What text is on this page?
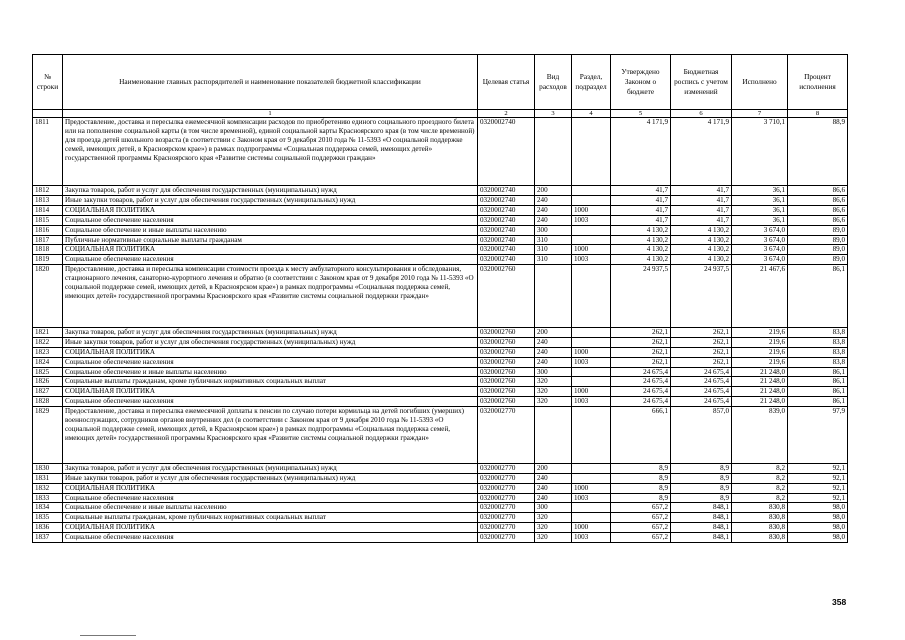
№ строки	Наименование главных распорядителей и наименование показателей бюджетной классификации	Целевая статья	Вид расходов	Раздел, подраздел	Утверждено Законом о бюджете	Бюджетная роспись с учетом изменений	Исполнено	Процент исполнения
	1	2	3	4	5	6	7	8
1811	Предоставление, доставка и пересылка ежемесячной компенсации расходов по приобретению единого социального проездного билета или на пополнение социальной карты (в том числе временной), единой социальной карты Красноярского края (в том числе временной) для проезда детей школьного возраста (в соответствии с Законом края от 9 декабря 2010 года № 11-5393 «О социальной поддержке семей, имеющих детей, в Красноярском крае») в рамках подпрограммы «Социальная поддержка семей, имеющих детей» государственной программы Красноярского края «Развитие системы социальной поддержки граждан»	0320002740			4 171,9	4 171,9	3 710,1	88,9
1812	Закупка товаров, работ и услуг для обеспечения государственных (муниципальных) нужд	0320002740	200		41,7	41,7	36,1	86,6
1813	Иные закупки товаров, работ и услуг для обеспечения государственных (муниципальных) нужд	0320002740	240		41,7	41,7	36,1	86,6
1814	СОЦИАЛЬНАЯ ПОЛИТИКА	0320002740	240	1000	41,7	41,7	36,1	86,6
1815	Социальное обеспечение населения	0320002740	240	1003	41,7	41,7	36,1	86,6
1816	Социальное обеспечение и иные выплаты населению	0320002740	300		4 130,2	4 130,2	3 674,0	89,0
1817	Публичные нормативные социальные выплаты гражданам	0320002740	310		4 130,2	4 130,2	3 674,0	89,0
1818	СОЦИАЛЬНАЯ ПОЛИТИКА	0320002740	310	1000	4 130,2	4 130,2	3 674,0	89,0
1819	Социальное обеспечение населения	0320002740	310	1003	4 130,2	4 130,2	3 674,0	89,0
1820	Предоставление, доставка и пересылка компенсации стоимости проезда к месту амбулаторного консультирования и обследования, стационарного лечения, санаторно-курортного лечения и обратно (в соответствии с Законом края от 9 декабря 2010 года № 11-5393 «О социальной поддержке семей, имеющих детей, в Красноярском крае») в рамках подпрограммы «Социальная поддержка семей, имеющих детей» государственной программы Красноярского края «Развитие системы социальной поддержки граждан»	0320002760			24 937,5	24 937,5	21 467,6	86,1
1821	Закупка товаров, работ и услуг для обеспечения государственных (муниципальных) нужд	0320002760	200		262,1	262,1	219,6	83,8
1822	Иные закупки товаров, работ и услуг для обеспечения государственных (муниципальных) нужд	0320002760	240		262,1	262,1	219,6	83,8
1823	СОЦИАЛЬНАЯ ПОЛИТИКА	0320002760	240	1000	262,1	262,1	219,6	83,8
1824	Социальное обеспечение населения	0320002760	240	1003	262,1	262,1	219,6	83,8
1825	Социальное обеспечение и иные выплаты населению	0320002760	300		24 675,4	24 675,4	21 248,0	86,1
1826	Социальные выплаты гражданам, кроме публичных нормативных социальных выплат	0320002760	320		24 675,4	24 675,4	21 248,0	86,1
1827	СОЦИАЛЬНАЯ ПОЛИТИКА	0320002760	320	1000	24 675,4	24 675,4	21 248,0	86,1
1828	Социальное обеспечение населения	0320002760	320	1003	24 675,4	24 675,4	21 248,0	86,1
1829	Предоставление, доставка и пересылка ежемесячной доплаты к пенсии по случаю потери кормильца на детей погибших (умерших) военнослужащих, сотрудников органов внутренних дел (в соответствии с Законом края от 9 декабря 2010 года № 11-5393 «О социальной поддержке семей, имеющих детей, в Красноярском крае») в рамках подпрограммы «Социальная поддержка семей, имеющих детей» государственной программы Красноярского края «Развитие системы социальной поддержки граждан»	0320002770			666,1	857,0	839,0	97,9
1830	Закупка товаров, работ и услуг для обеспечения государственных (муниципальных) нужд	0320002770	200		8,9	8,9	8,2	92,1
1831	Иные закупки товаров, работ и услуг для обеспечения государственных (муниципальных) нужд	0320002770	240		8,9	8,9	8,2	92,1
1832	СОЦИАЛЬНАЯ ПОЛИТИКА	0320002770	240	1000	8,9	8,9	8,2	92,1
1833	Социальное обеспечение населения	0320002770	240	1003	8,9	8,9	8,2	92,1
1834	Социальное обеспечение и иные выплаты населению	0320002770	300		657,2	848,1	830,8	98,0
1835	Социальные выплаты гражданам, кроме публичных нормативных социальных выплат	0320002770	320		657,2	848,1	830,8	98,0
1836	СОЦИАЛЬНАЯ ПОЛИТИКА	0320002770	320	1000	657,2	848,1	830,8	98,0
1837	Социальное обеспечение населения	0320002770	320	1003	657,2	848,1	830,8	98,0
358
